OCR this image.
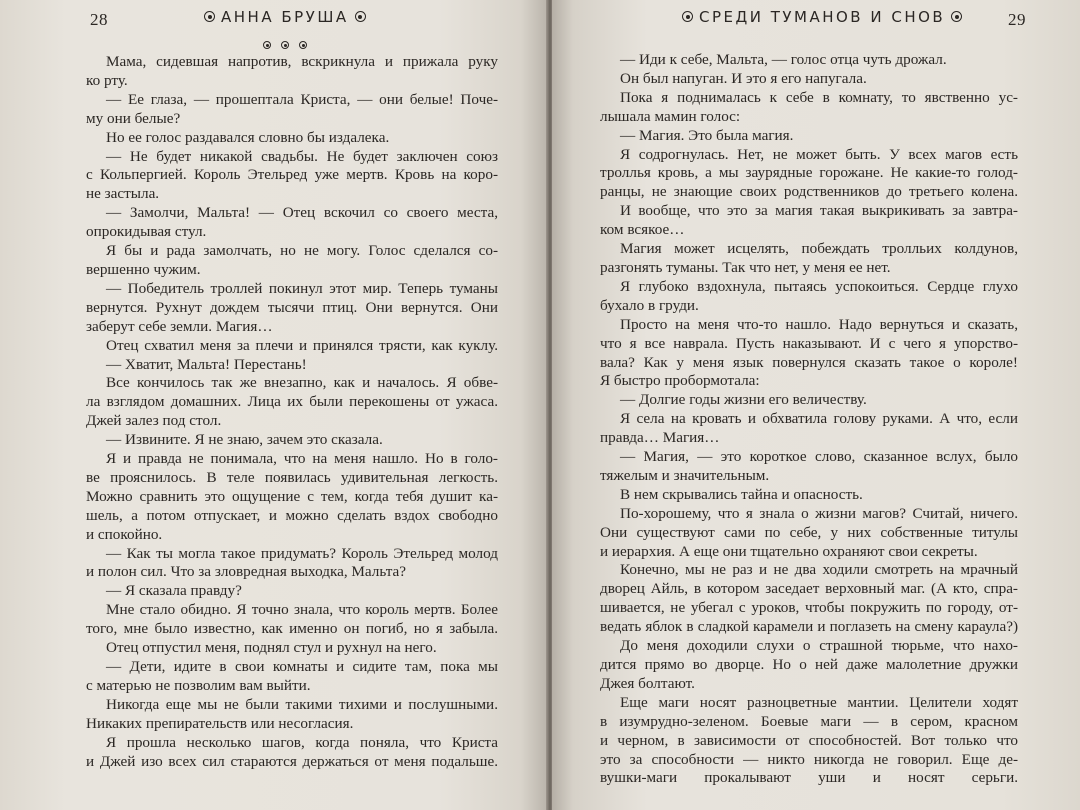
28	АННА БРУША
Мама, сидевшая напротив, вскрикнула и прижала руку
ко рту.
— Ее глаза, — прошептала Криста, — они белые! Поче-
му они белые?
Но ее голос раздавался словно бы издалека.
— Не будет никакой свадьбы. Не будет заключен союз
с Кольпергией. Король Этельред уже мертв. Кровь на коро-
не застыла.
— Замолчи, Мальта! — Отец вскочил со своего места,
опрокидывая стул.
Я бы и рада замолчать, но не могу. Голос сделался со-
вершенно чужим.
— Победитель троллей покинул этот мир. Теперь туманы
вернутся. Рухнут дождем тысячи птиц. Они вернутся. Они
заберут себе земли. Магия…
Отец схватил меня за плечи и принялся трясти, как куклу.
— Хватит, Мальта! Перестань!
Все кончилось так же внезапно, как и началось. Я обве-
ла взглядом домашних. Лица их были перекошены от ужаса.
Джей залез под стол.
— Извините. Я не знаю, зачем это сказала.
Я и правда не понимала, что на меня нашло. Но в голо-
ве прояснилось. В теле появилась удивительная легкость.
Можно сравнить это ощущение с тем, когда тебя душит ка-
шель, а потом отпускает, и можно сделать вздох свободно
и спокойно.
— Как ты могла такое придумать? Король Этельред молод
и полон сил. Что за зловредная выходка, Мальта?
— Я сказала правду?
Мне стало обидно. Я точно знала, что король мертв. Более
того, мне было известно, как именно он погиб, но я забыла.
Отец отпустил меня, поднял стул и рухнул на него.
— Дети, идите в свои комнаты и сидите там, пока мы
с матерью не позволим вам выйти.
Никогда еще мы не были такими тихими и послушными.
Никаких препирательств или несогласия.
Я прошла несколько шагов, когда поняла, что Криста
и Джей изо всех сил стараются держаться от меня подальше.
СРЕДИ ТУМАНОВ И СНОВ	29
— Иди к себе, Мальта, — голос отца чуть дрожал.
Он был напуган. И это я его напугала.
Пока я поднималась к себе в комнату, то явственно ус-
лышала мамин голос:
— Магия. Это была магия.
Я содрогнулась. Нет, не может быть. У всех магов есть
троллья кровь, а мы заурядные горожане. Не какие-то голод-
ранцы, не знающие своих родственников до третьего колена.
И вообще, что это за магия такая выкрикивать за завтра-
ком всякое…
Магия может исцелять, побеждать тролльих колдунов,
разгонять туманы. Так что нет, у меня ее нет.
Я глубоко вздохнула, пытаясь успокоиться. Сердце глухо
бухало в груди.
Просто на меня что-то нашло. Надо вернуться и сказать,
что я все наврала. Пусть наказывают. И с чего я упорство-
вала? Как у меня язык повернулся сказать такое о короле!
Я быстро пробормотала:
— Долгие годы жизни его величеству.
Я села на кровать и обхватила голову руками. А что, если
правда… Магия…
— Магия, — это короткое слово, сказанное вслух, было
тяжелым и значительным.
В нем скрывались тайна и опасность.
По-хорошему, что я знала о жизни магов? Считай, ничего.
Они существуют сами по себе, у них собственные титулы
и иерархия. А еще они тщательно охраняют свои секреты.
Конечно, мы не раз и не два ходили смотреть на мрачный
дворец Айль, в котором заседает верховный маг. (А кто, спра-
шивается, не убегал с уроков, чтобы покружить по городу, от-
ведать яблок в сладкой карамели и поглазеть на смену караула?)
До меня доходили слухи о страшной тюрьме, что нахо-
дится прямо во дворце. Но о ней даже малолетние дружки
Джея болтают.
Еще маги носят разноцветные мантии. Целители ходят
в изумрудно-зеленом. Боевые маги — в сером, красном
и черном, в зависимости от способностей. Вот только что
это за способности — никто никогда не говорил. Еще де-
вушки-маги прокалывают уши и носят серьги.
